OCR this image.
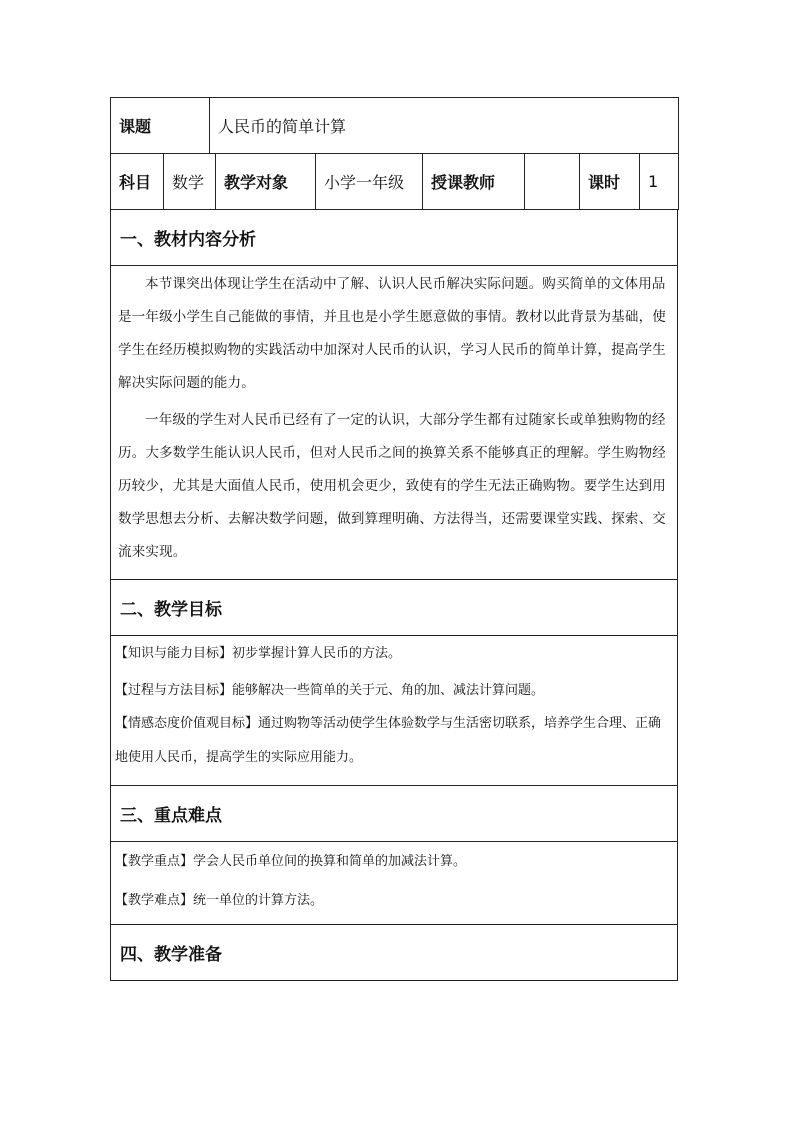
课题	人民币的简单计算
科目	数学	教学对象	小学一年级	授课教师		课时	1
一、教材内容分析

本节课突出体现让学生在活动中了解、认识人民币解决实际问题。购买简单的文体用品是一年级小学生自己能做的事情，并且也是小学生愿意做的事情。教材以此背景为基础，使学生在经历模拟购物的实践活动中加深对人民币的认识，学习人民币的简单计算，提高学生解决实际问题的能力。

一年级的学生对人民币已经有了一定的认识，大部分学生都有过随家长或单独购物的经历。大多数学生能认识人民币，但对人民币之间的换算关系不能够真正的理解。学生购物经历较少，尤其是大面值人民币，使用机会更少，致使有的学生无法正确购物。要学生达到用数学思想去分析、去解决数学问题，做到算理明确、方法得当，还需要课堂实践、探索、交流来实现。

二、教学目标

【知识与能力目标】初步掌握计算人民币的方法。

【过程与方法目标】能够解决一些简单的关于元、角的加、减法计算问题。

【情感态度价值观目标】通过购物等活动使学生体验数学与生活密切联系，培养学生合理、正确地使用人民币，提高学生的实际应用能力。

三、重点难点

【教学重点】学会人民币单位间的换算和简单的加减法计算。

【教学难点】统一单位的计算方法。

四、教学准备
